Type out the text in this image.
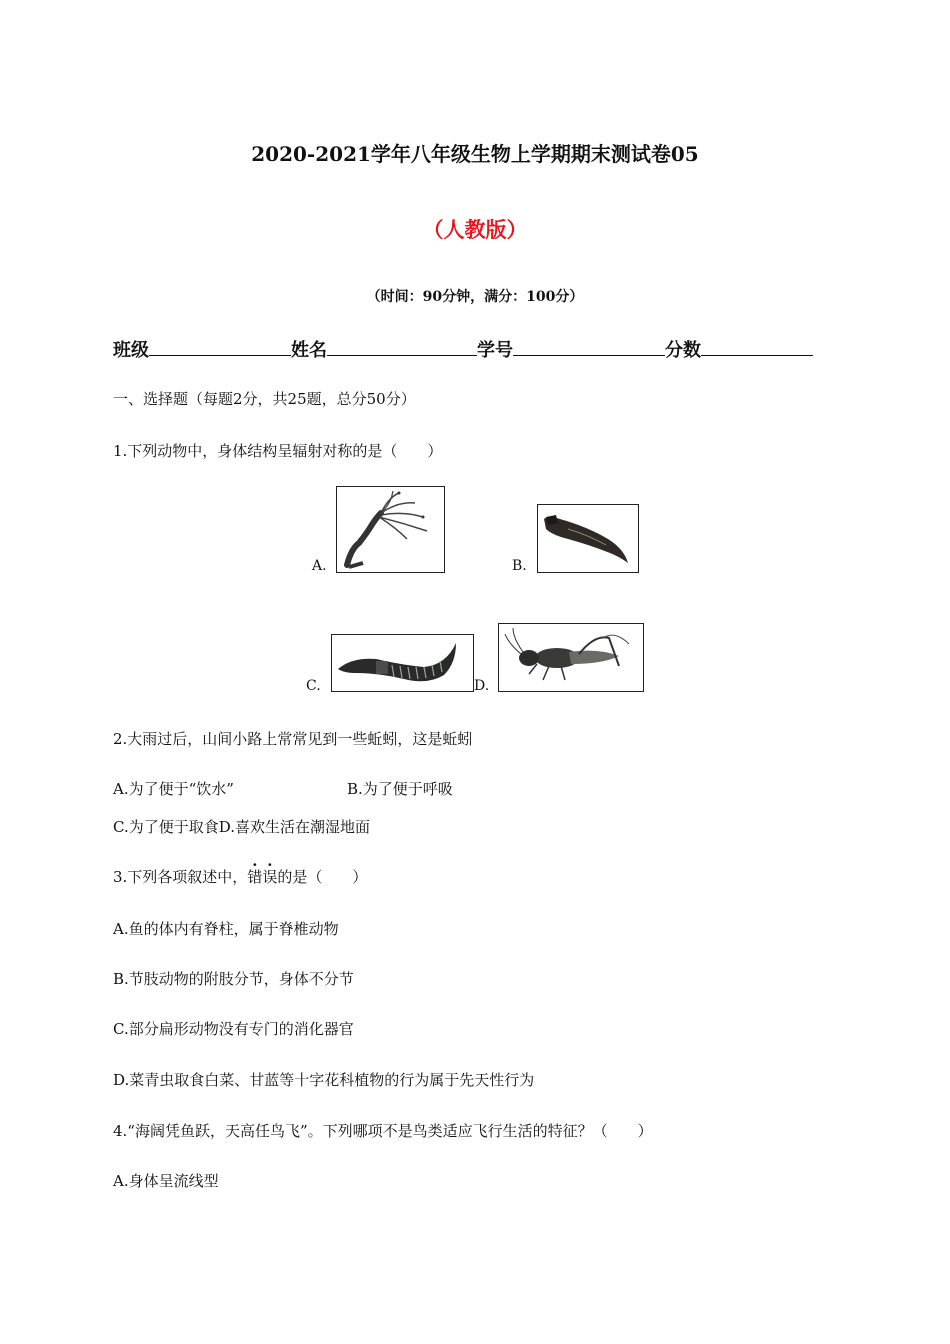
2020-2021学年八年级生物上学期期末测试卷05
（人教版）
（时间：90分钟，满分：100分）
班级	姓名	学号	分数
一、选择题（每题2分，共25题，总分50分）
1.下列动物中，身体结构呈辐射对称的是（　　）
A.	B.
C.	D.
2.大雨过后，山间小路上常常见到一些蚯蚓，这是蚯蚓
A.为了便于“饮水”	B.为了便于呼吸
C.为了便于取食D.喜欢生活在潮湿地面
3.下列各项叙述中，错误的是（　　）
A.鱼的体内有脊柱，属于脊椎动物
B.节肢动物的附肢分节，身体不分节
C.部分扁形动物没有专门的消化器官
D.菜青虫取食白菜、甘蓝等十字花科植物的行为属于先天性行为
4.“海阔凭鱼跃，天高任鸟飞”。下列哪项不是鸟类适应飞行生活的特征？（　　）
A.身体呈流线型
